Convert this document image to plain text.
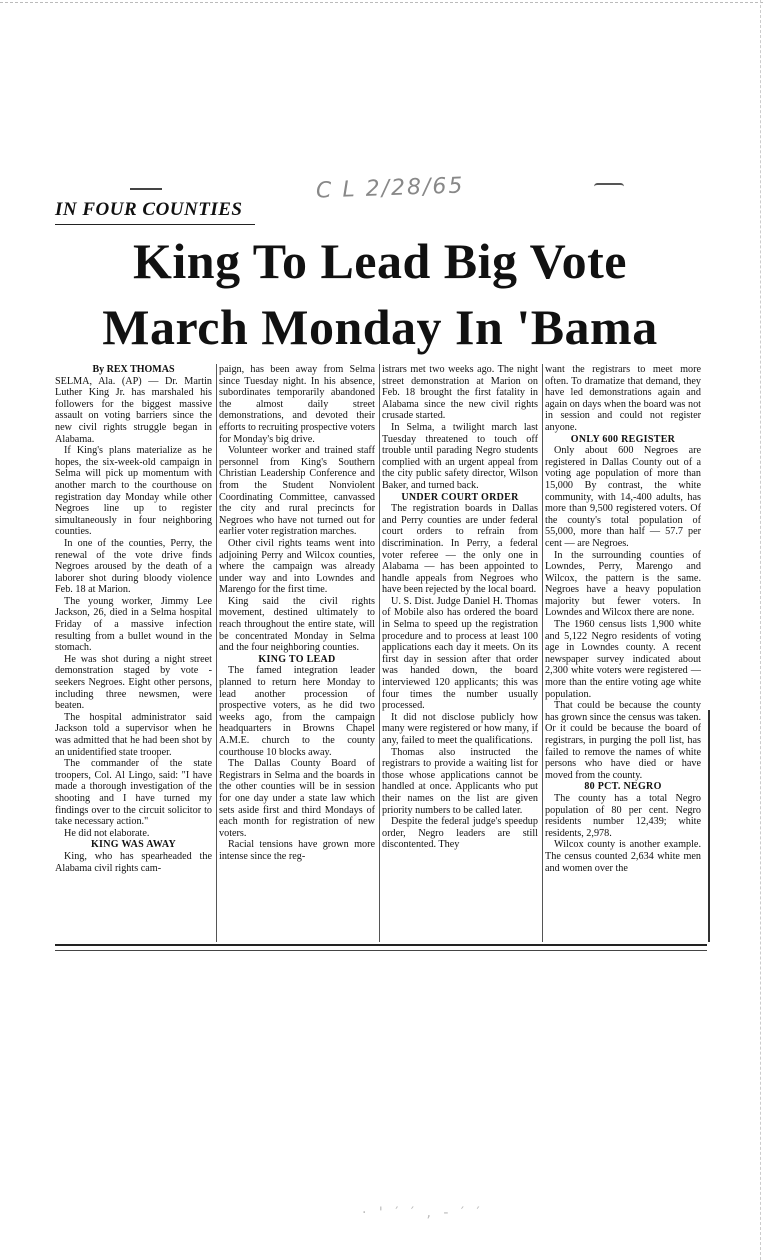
C L 2/28/65
IN FOUR COUNTIES
King To Lead Big Vote
March Monday In 'Bama

By REX THOMAS

SELMA, Ala. (AP) — Dr. Martin Luther King Jr. has marshaled his followers for the biggest massive assault on voting barriers since the new civil rights struggle began in Alabama.

If King's plans materialize as he hopes, the six-week-old campaign in Selma will pick up momentum with another march to the courthouse on registration day Monday while other Negroes line up to register simultaneously in four neighboring counties.

In one of the counties, Perry, the renewal of the vote drive finds Negroes aroused by the death of a laborer shot during bloody violence Feb. 18 at Marion.

The young worker, Jimmy Lee Jackson, 26, died in a Selma hospital Friday of a massive infection resulting from a bullet wound in the stomach.

He was shot during a night street demonstration staged by vote - seekers Negroes. Eight other persons, including three newsmen, were beaten.

The hospital administrator said Jackson told a supervisor when he was admitted that he had been shot by an unidentified state trooper.

The commander of the state troopers, Col. Al Lingo, said: "I have made a thorough investigation of the shooting and I have turned my findings over to the circuit solicitor to take necessary action."

He did not elaborate.

KING WAS AWAY

King, who has spearheaded the Alabama civil rights cam-

paign, has been away from Selma since Tuesday night. In his absence, subordinates temporarily abandoned the almost daily street demonstrations, and devoted their efforts to recruiting prospective voters for Monday's big drive.

Volunteer worker and trained staff personnel from King's Southern Christian Leadership Conference and from the Student Nonviolent Coordinating Committee, canvassed the city and rural precincts for Negroes who have not turned out for earlier voter registration marches.

Other civil rights teams went into adjoining Perry and Wilcox counties, where the campaign was already under way and into Lowndes and Marengo for the first time.

King said the civil rights movement, destined ultimately to reach throughout the entire state, will be concentrated Monday in Selma and the four neighboring counties.

KING TO LEAD

The famed integration leader planned to return here Monday to lead another procession of prospective voters, as he did two weeks ago, from the campaign headquarters in Browns Chapel A.M.E. church to the county courthouse 10 blocks away.

The Dallas County Board of Registrars in Selma and the boards in the other counties will be in session for one day under a state law which sets aside first and third Mondays of each month for registration of new voters.

Racial tensions have grown more intense since the reg-

istrars met two weeks ago. The night street demonstration at Marion on Feb. 18 brought the first fatality in Alabama since the new civil rights crusade started.

In Selma, a twilight march last Tuesday threatened to touch off trouble until parading Negro students complied with an urgent appeal from the city public safety director, Wilson Baker, and turned back.

UNDER COURT ORDER

The registration boards in Dallas and Perry counties are under federal court orders to refrain from discrimination. In Perry, a federal voter referee — the only one in Alabama — has been appointed to handle appeals from Negroes who have been rejected by the local board.

U. S. Dist. Judge Daniel H. Thomas of Mobile also has ordered the board in Selma to speed up the registration procedure and to process at least 100 applications each day it meets. On its first day in session after that order was handed down, the board interviewed 120 applicants; this was four times the number usually processed.

It did not disclose publicly how many were registered or how many, if any, failed to meet the qualifications.

Thomas also instructed the registrars to provide a waiting list for those whose applications cannot be handled at once. Applicants who put their names on the list are given priority numbers to be called later.

Despite the federal judge's speedup order, Negro leaders are still discontented. They

want the registrars to meet more often. To dramatize that demand, they have led demonstrations again and again on days when the board was not in session and could not register anyone.

ONLY 600 REGISTER

Only about 600 Negroes are registered in Dallas County out of a voting age population of more than 15,000 By contrast, the white community, with 14,-400 adults, has more than 9,500 registered voters. Of the county's total population of 55,000, more than half — 57.7 per cent — are Negroes.

In the surrounding counties of Lowndes, Perry, Marengo and Wilcox, the pattern is the same. Negroes have a heavy population majority but fewer voters. In Lowndes and Wilcox there are none.

The 1960 census lists 1,900 white and 5,122 Negro residents of voting age in Lowndes county. A recent newspaper survey indicated about 2,300 white voters were registered — more than the entire voting age white population.

That could be because the county has grown since the census was taken. Or it could be because the board of registrars, in purging the poll list, has failed to remove the names of white persons who have died or have moved from the county.

80 PCT. NEGRO

The county has a total Negro population of 80 per cent. Negro residents number 12,439; white residents, 2,978.

Wilcox county is another example. The census counted 2,634 white men and women over the

· ' ′ ′ , - ′ ′
